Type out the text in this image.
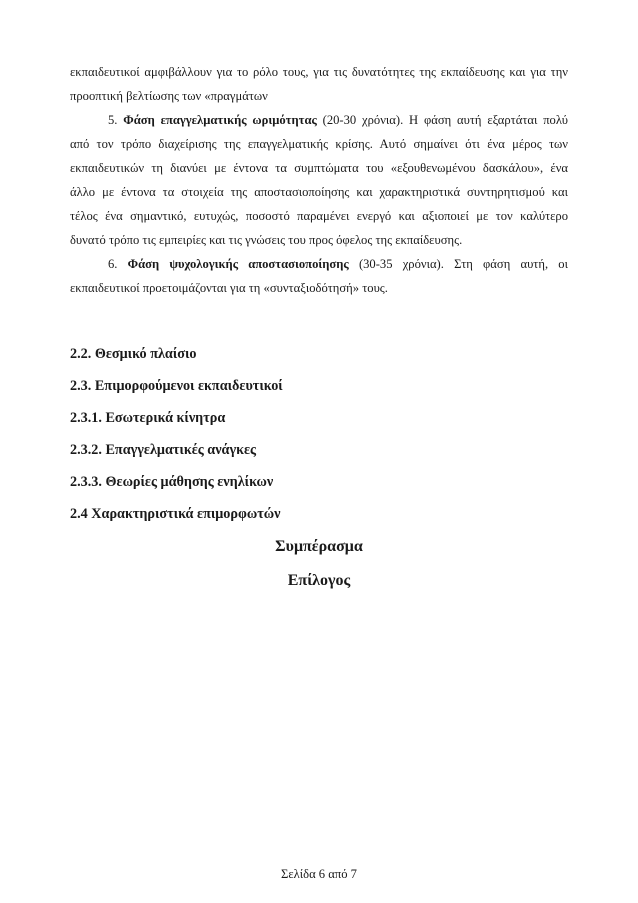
εκπαιδευτικοί αμφιβάλλουν για το ρόλο τους, για τις δυνατότητες της εκπαίδευσης και για την
προοπτική βελτίωσης των «πραγμάτων
5. Φάση επαγγελματικής ωριμότητας (20-30 χρόνια). Η φάση αυτή εξαρτάται πολύ
από τον τρόπο διαχείρισης της επαγγελματικής κρίσης. Αυτό σημαίνει ότι ένα μέρος των
εκπαιδευτικών τη διανύει με έντονα τα συμπτώματα του «εξουθενωμένου δασκάλου», ένα
άλλο με έντονα τα στοιχεία της αποστασιοποίησης και χαρακτηριστικά συντηρητισμού και
τέλος ένα σημαντικό, ευτυχώς, ποσοστό παραμένει ενεργό και αξιοποιεί με τον καλύτερο
δυνατό τρόπο τις εμπειρίες και τις γνώσεις του προς όφελος της εκπαίδευσης.
6. Φάση ψυχολογικής αποστασιοποίησης (30-35 χρόνια). Στη φάση αυτή, οι
εκπαιδευτικοί προετοιμάζονται για τη «συνταξιοδότησή» τους.
2.2. Θεσμικό πλαίσιο
2.3. Επιμορφούμενοι εκπαιδευτικοί
2.3.1. Εσωτερικά κίνητρα
2.3.2. Επαγγελματικές ανάγκες
2.3.3. Θεωρίες μάθησης ενηλίκων
2.4 Χαρακτηριστικά επιμορφωτών
Συμπέρασμα
Επίλογος
Σελίδα 6 από 7
